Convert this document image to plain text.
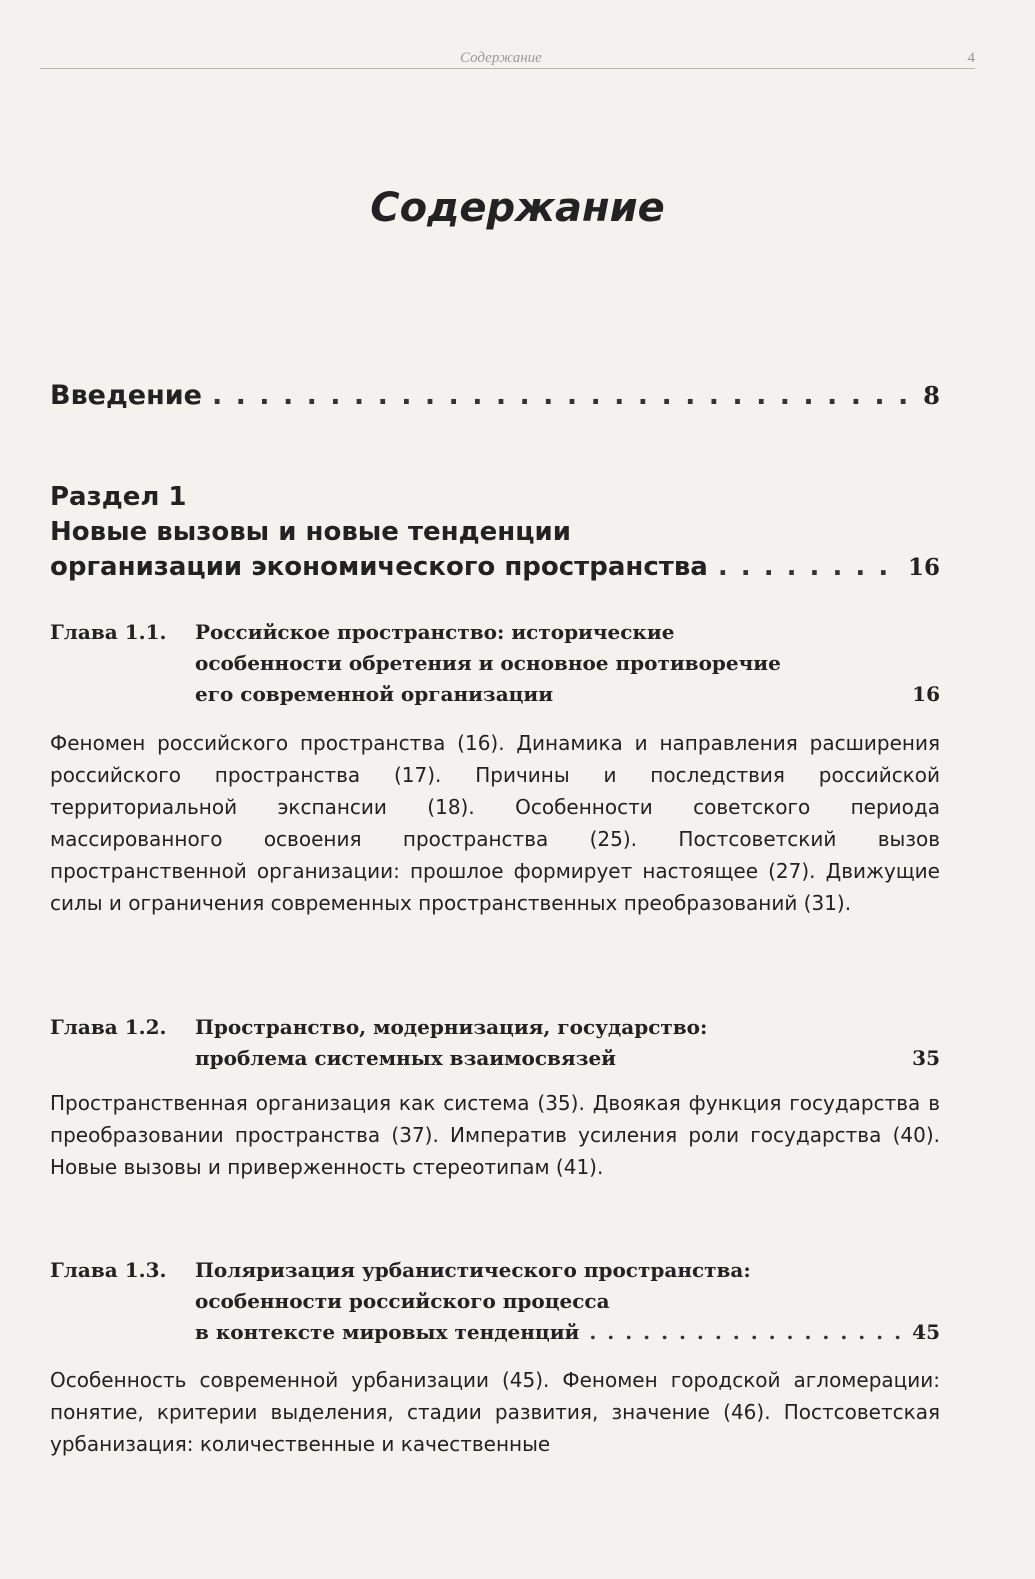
Содержание	4
Содержание
Введение . . .	8
Раздел 1
Новые вызовы и новые тенденции
организации экономического пространства . . .	16
Глава 1.1. Российское пространство: исторические
особенности обретения и основное противоречие
его современной организации	16
Феномен российского пространства (16). Динамика и направления расширения российского пространства (17). Причины и последствия российской территориальной экспансии (18). Особенности советского периода массированного освоения пространства (25). Постсоветский вызов пространственной организации: прошлое формирует настоящее (27). Движущие силы и ограничения современных пространственных преобразований (31).
Глава 1.2. Пространство, модернизация, государство:
проблема системных взаимосвязей	35
Пространственная организация как система (35). Двоякая функция государства в преобразовании пространства (37). Императив усиления роли государства (40). Новые вызовы и приверженность стереотипам (41).
Глава 1.3. Поляризация урбанистического пространства:
особенности российского процесса
в контексте мировых тенденций . . .	45
Особенность современной урбанизации (45). Феномен городской агломерации: понятие, критерии выделения, стадии развития, значение (46). Постсоветская урбанизация: количественные и качественные
